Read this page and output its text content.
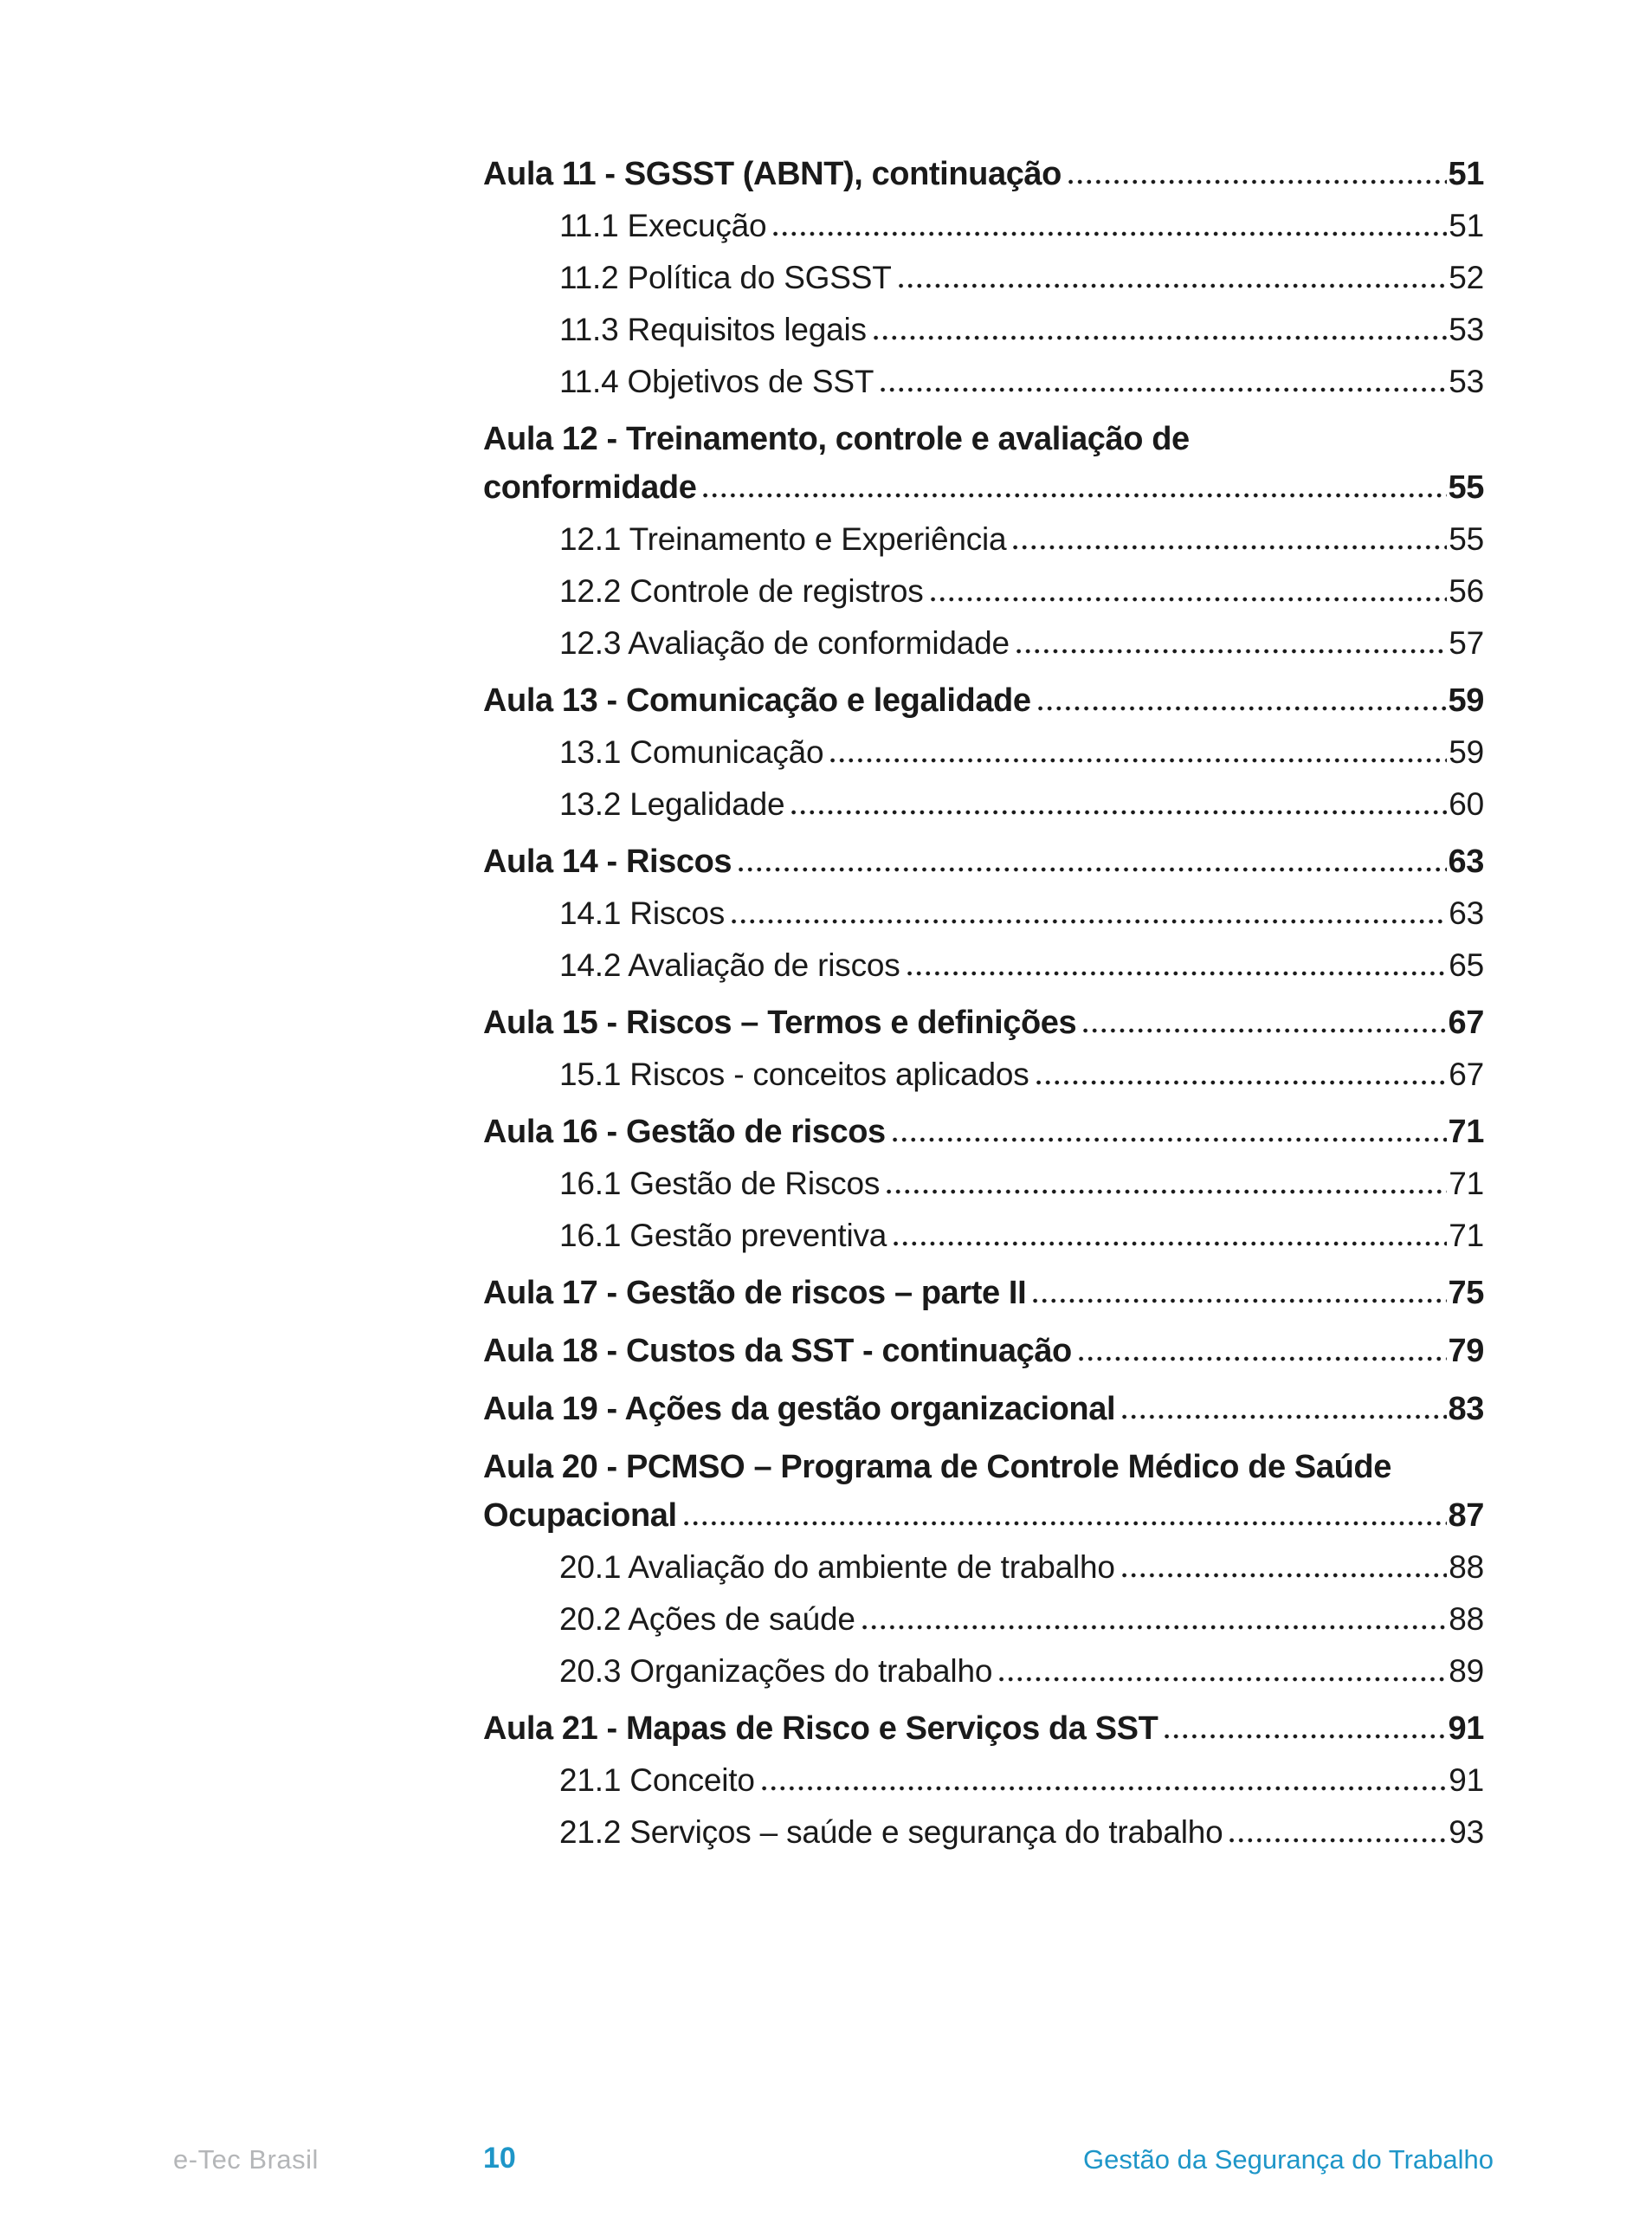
Aula 11 - SGSST (ABNT), continuação	51
11.1 Execução	51
11.2 Política do SGSST	52
11.3 Requisitos legais	53
11.4 Objetivos de SST	53
Aula 12 - Treinamento, controle e avaliação de
conformidade	55
12.1 Treinamento e Experiência	55
12.2 Controle de registros	56
12.3 Avaliação de conformidade	57
Aula 13 - Comunicação e legalidade	59
13.1 Comunicação	59
13.2 Legalidade	60
Aula 14 - Riscos	63
14.1 Riscos	63
14.2 Avaliação de riscos	65
Aula 15 - Riscos – Termos e definições	67
15.1 Riscos - conceitos aplicados	67
Aula 16 - Gestão de riscos	71
16.1 Gestão de Riscos	71
16.1 Gestão preventiva	71
Aula 17 - Gestão de riscos – parte II	75
Aula 18 - Custos da SST - continuação	79
Aula 19 - Ações da gestão organizacional	83
Aula 20 - PCMSO – Programa de Controle Médico de Saúde
Ocupacional	87
20.1 Avaliação do ambiente de trabalho	88
20.2 Ações de saúde	88
20.3 Organizações do trabalho	89
Aula 21 - Mapas de Risco e Serviços da SST	91
21.1 Conceito	91
21.2 Serviços – saúde e segurança do trabalho	93
e-Tec Brasil	10	Gestão da Segurança do Trabalho
